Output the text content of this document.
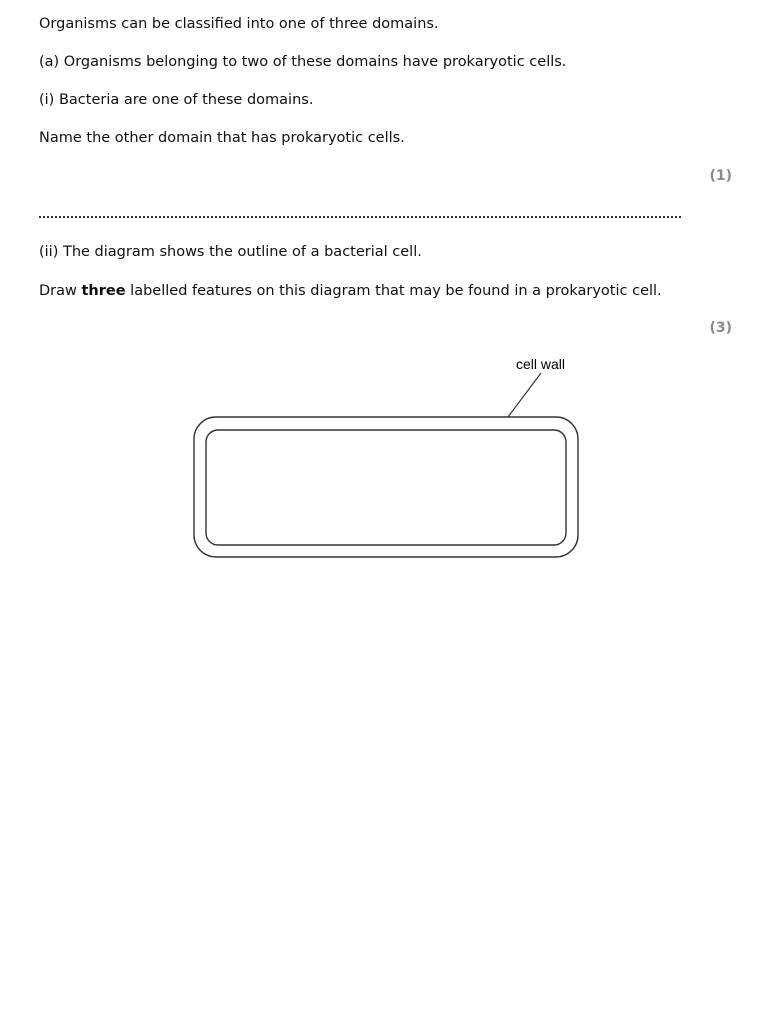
Organisms can be classified into one of three domains.
(a) Organisms belonging to two of these domains have prokaryotic cells.
(i) Bacteria are one of these domains.
Name the other domain that has prokaryotic cells.
(1)
(ii) The diagram shows the outline of a bacterial cell.
Draw three labelled features on this diagram that may be found in a prokaryotic cell.
(3)
cell wall
